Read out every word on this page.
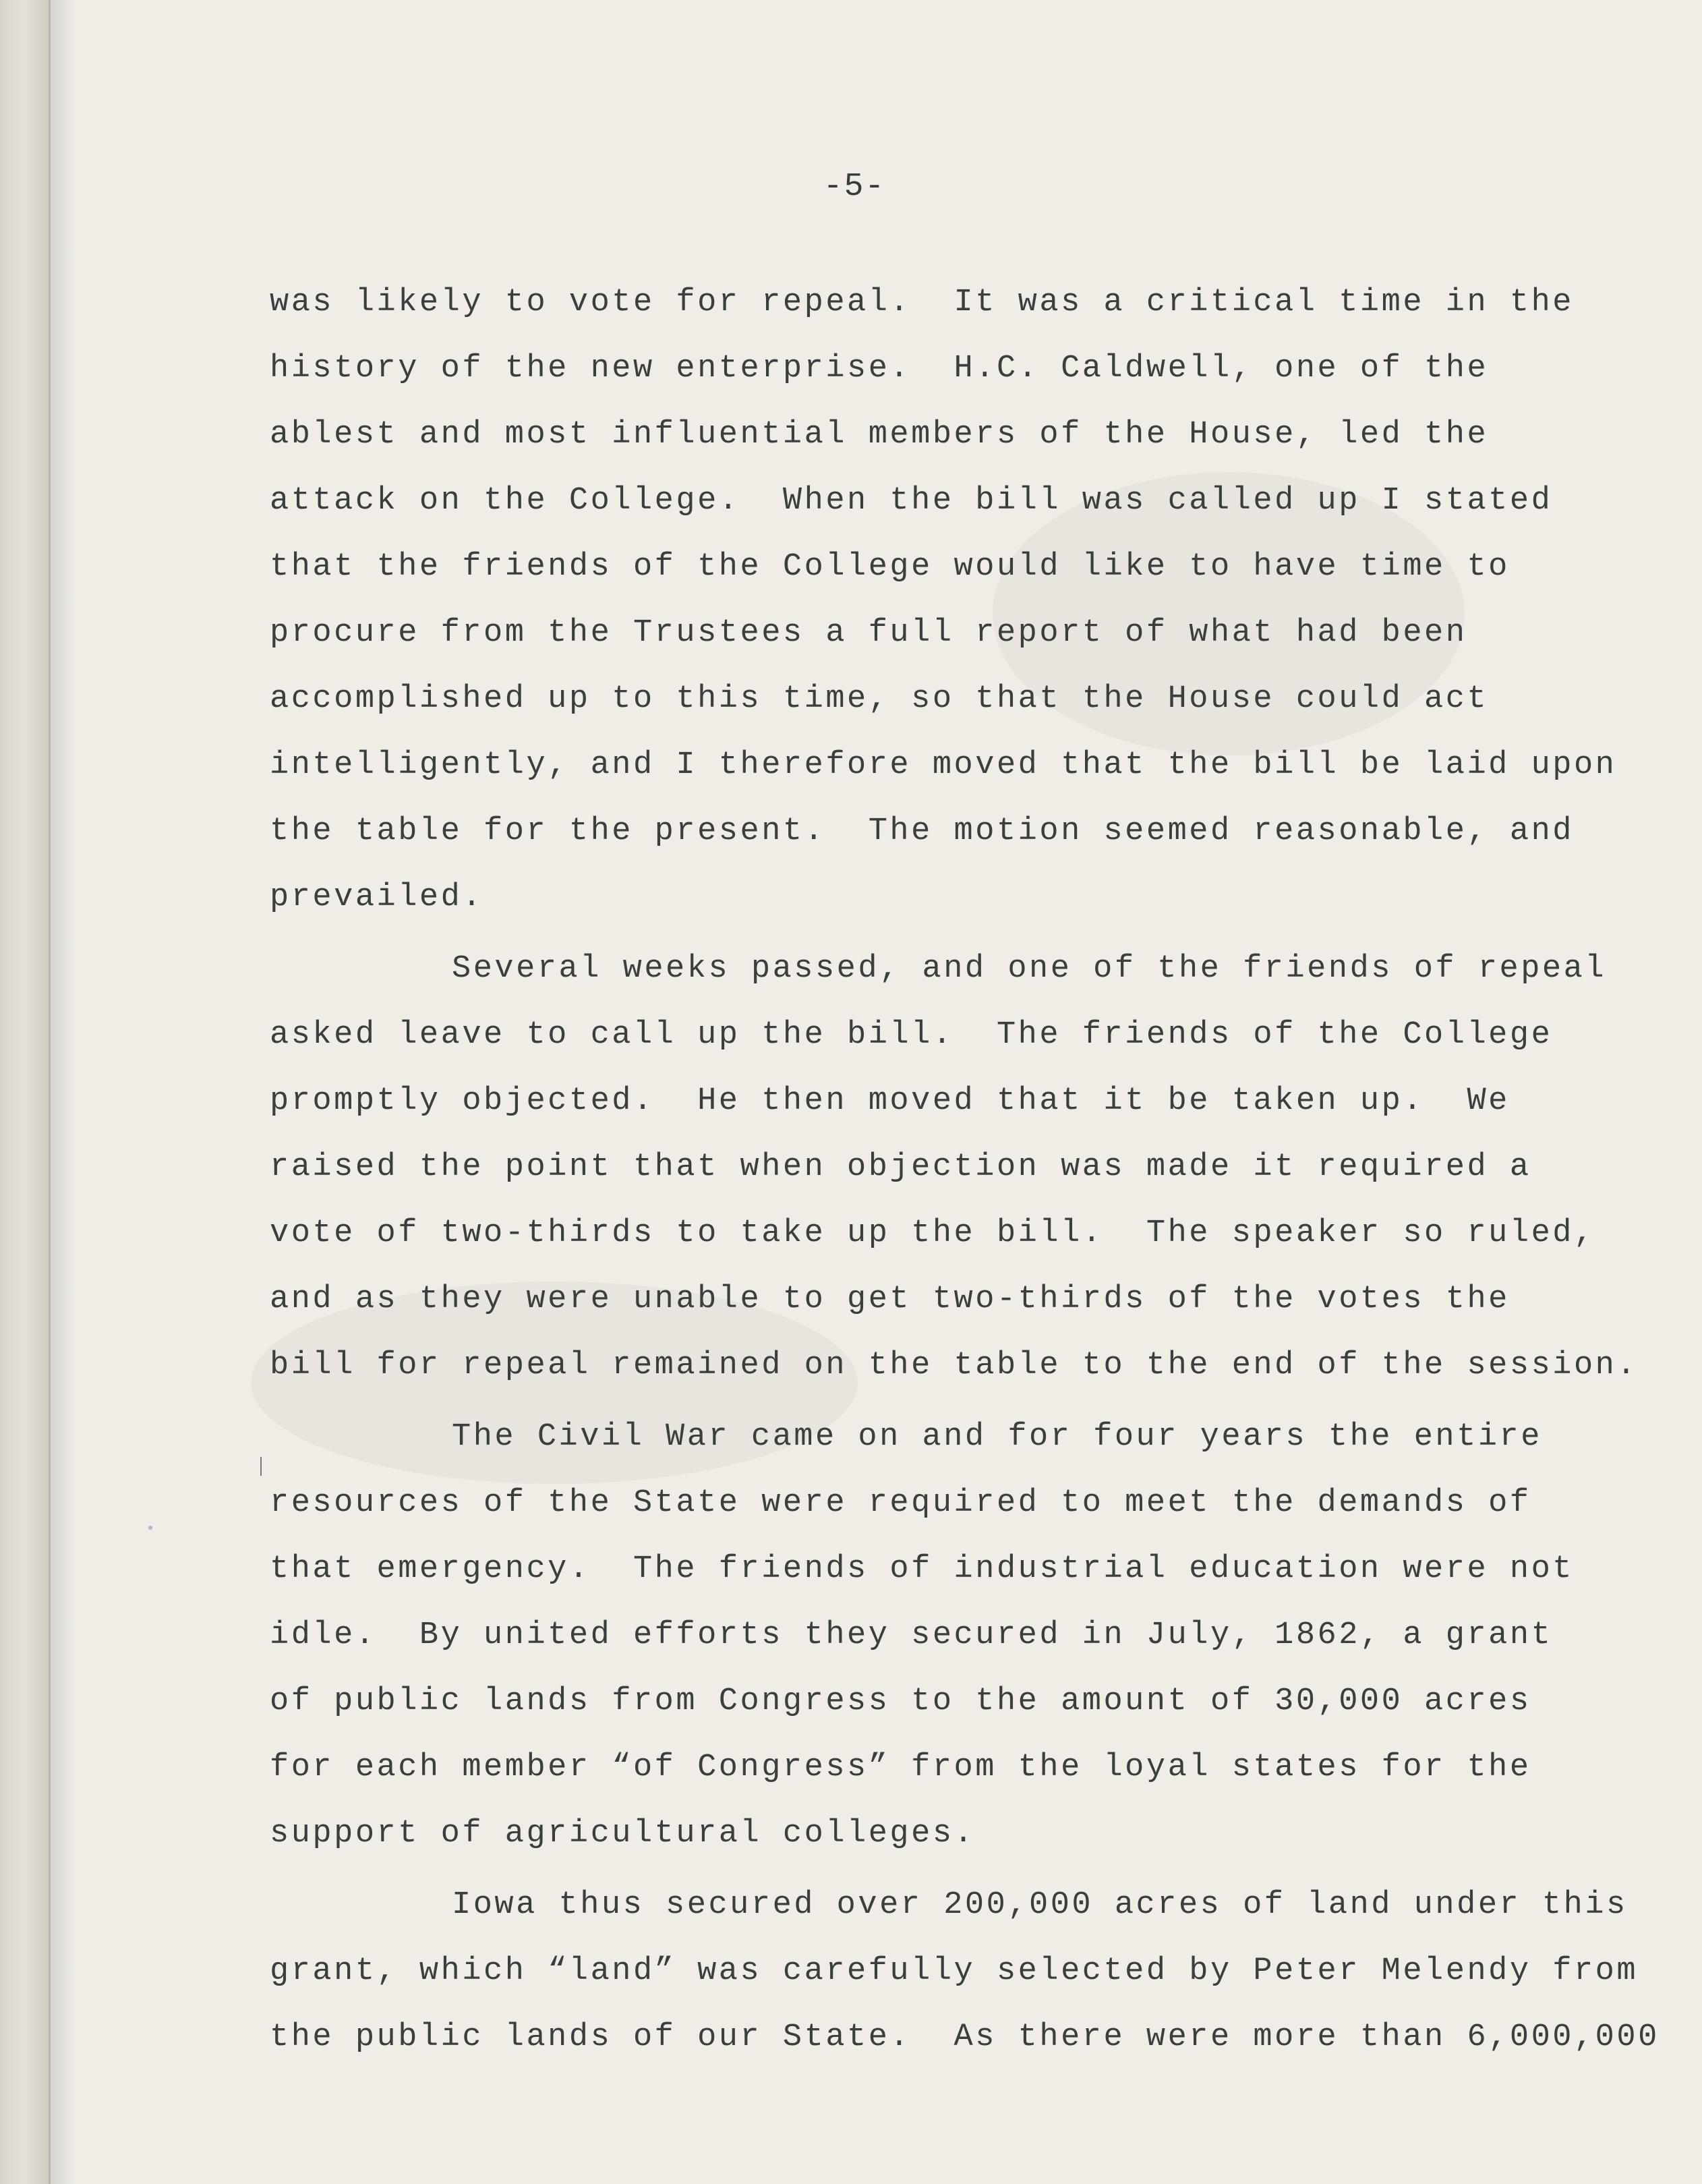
-5-
was likely to vote for repeal.  It was a critical time in the
history of the new enterprise.  H.C. Caldwell, one of the
ablest and most influential members of the House, led the
attack on the College.  When the bill was called up I stated
that the friends of the College would like to have time to
procure from the Trustees a full report of what had been
accomplished up to this time, so that the House could act
intelligently, and I therefore moved that the bill be laid upon
the table for the present.  The motion seemed reasonable, and
prevailed.
Several weeks passed, and one of the friends of repeal
asked leave to call up the bill.  The friends of the College
promptly objected.  He then moved that it be taken up.  We
raised the point that when objection was made it required a
vote of two-thirds to take up the bill.  The speaker so ruled,
and as they were unable to get two-thirds of the votes the
bill for repeal remained on the table to the end of the session.
The Civil War came on and for four years the entire
resources of the State were required to meet the demands of
that emergency.  The friends of industrial education were not
idle.  By united efforts they secured in July, 1862, a grant
of public lands from Congress to the amount of 30,000 acres
for each member “of Congress” from the loyal states for the
support of agricultural colleges.
Iowa thus secured over 200,000 acres of land under this
grant, which “land” was carefully selected by Peter Melendy from
the public lands of our State.  As there were more than 6,000,000
